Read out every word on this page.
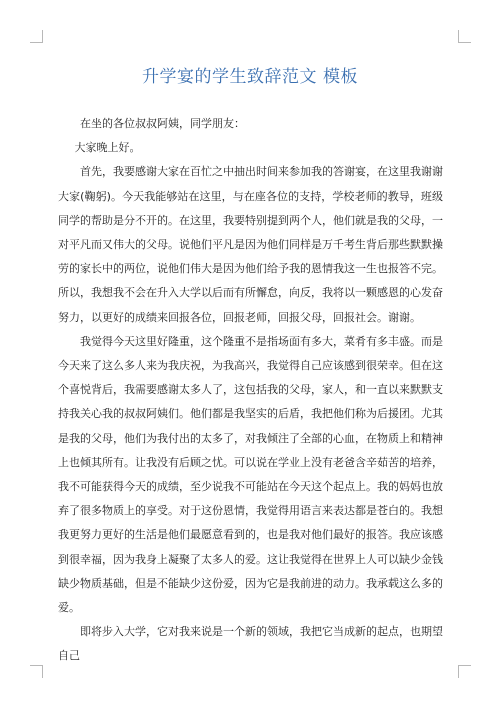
升学宴的学生致辞范文 模板

在坐的各位叔叔阿姨，同学朋友：

大家晚上好。

首先，我要感谢大家在百忙之中抽出时间来参加我的答谢宴，在这里我谢谢大家(鞠躬)。今天我能够站在这里，与在座各位的支持，学校老师的教导，班级同学的帮助是分不开的。在这里，我要特别提到两个人，他们就是我的父母，一对平凡而又伟大的父母。说他们平凡是因为他们同样是万千考生背后那些默默操劳的家长中的两位，说他们伟大是因为他们给予我的恩情我这一生也报答不完。所以，我想我不会在升入大学以后而有所懈怠，向反，我将以一颗感恩的心发奋努力，以更好的成绩来回报各位，回报老师，回报父母，回报社会。谢谢。

我觉得今天这里好隆重，这个隆重不是指场面有多大，菜肴有多丰盛。而是今天来了这么多人来为我庆祝，为我高兴，我觉得自己应该感到很荣幸。但在这个喜悦背后，我需要感谢太多人了，这包括我的父母，家人，和一直以来默默支持我关心我的叔叔阿姨们。他们都是我坚实的后盾，我把他们称为后援团。尤其是我的父母，他们为我付出的太多了，对我倾注了全部的心血，在物质上和精神上也倾其所有。让我没有后顾之忧。可以说在学业上没有老爸含辛茹苦的培养，我不可能获得今天的成绩，至少说我不可能站在今天这个起点上。我的妈妈也放弃了很多物质上的享受。对于这份恩情，我觉得用语言来表达都是苍白的。我想我更努力更好的生活是他们最愿意看到的，也是我对他们最好的报答。我应该感到很幸福，因为我身上凝聚了太多人的爱。这让我觉得在世界上人可以缺少金钱缺少物质基础，但是不能缺少这份爱，因为它是我前进的动力。我承载这么多的爱。

即将步入大学，它对我来说是一个新的领域，我把它当成新的起点，也期望自己
